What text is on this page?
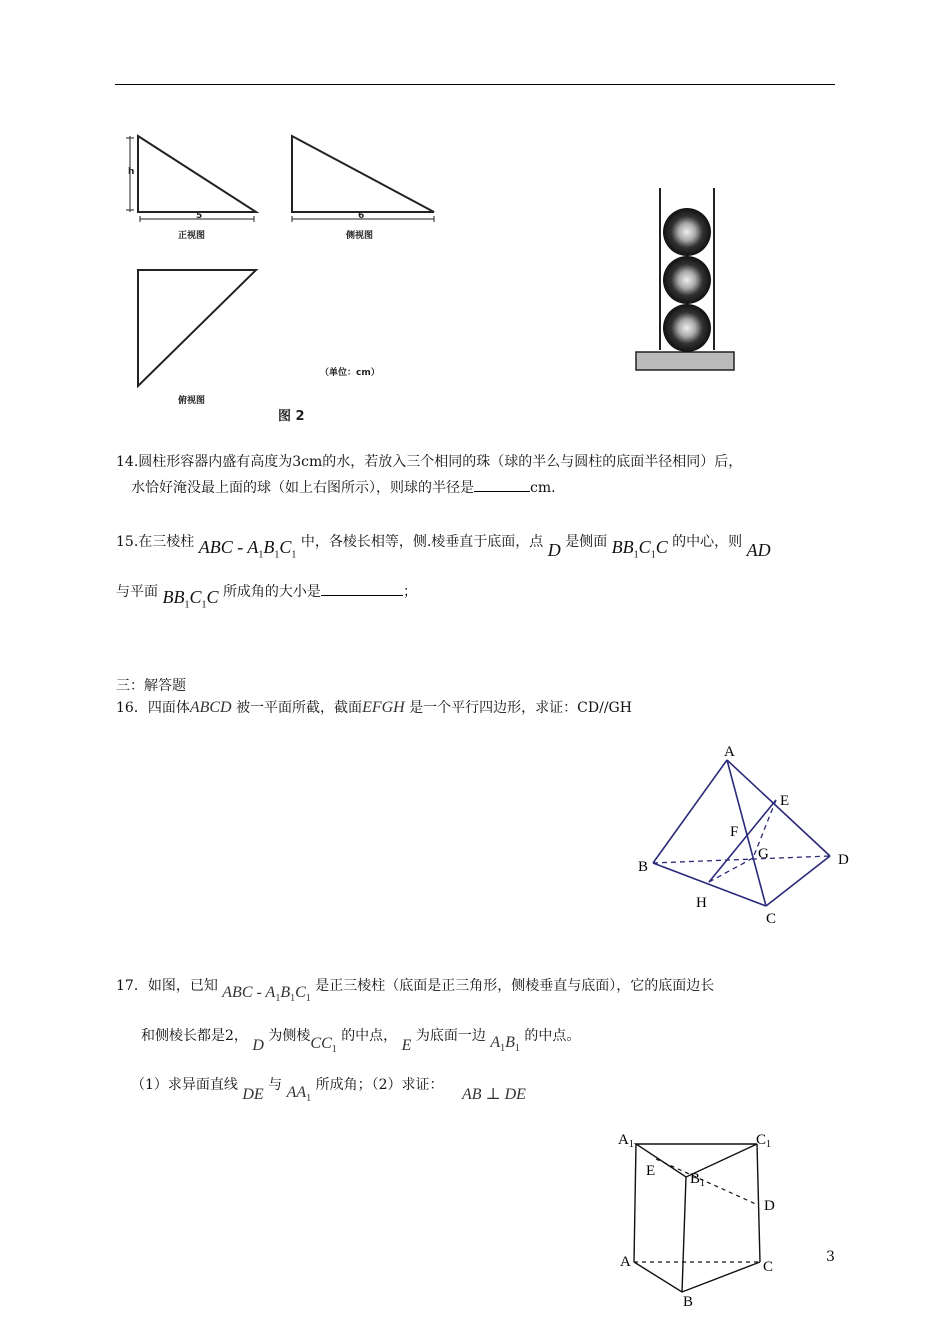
h
5
正视图
6
侧视图
（单位：cm）
俯视图
图 2
14.圆柱形容器内盛有高度为3cm的水，若放入三个相同的珠（球的半么与圆柱的底面半径相同）后，
水恰好淹没最上面的球（如上右图所示），则球的半径是	cm.
15.在三棱柱 ABC - $A_1B_1C_1$ 中，各棱长相等，侧.棱垂直于底面，点 D 是侧面 $BB_1C_1C$ 的中心，则 AD
与平面 $BB_1C_1C$ 所成角的大小是	；
三：解答题
16．四面体ABCD 被一平面所截，截面EFGH 是一个平行四边形，求证：CD//GH
A
B
C
D
E
F
G
H
17．如图，已知 ABC - $A_1B_1C_1$ 是正三棱柱（底面是正三角形，侧棱垂直与底面），它的底面边长
和侧棱长都是2， D 为侧棱$CC_1$ 的中点， E 为底面一边 $A_1B_1$ 的中点。
（1）求异面直线 DE 与 $AA_1$ 所成角；（2）求证： AB ⊥ DE
$A_1$	$C_1$
E $B_1$
D
A	C
B
3
